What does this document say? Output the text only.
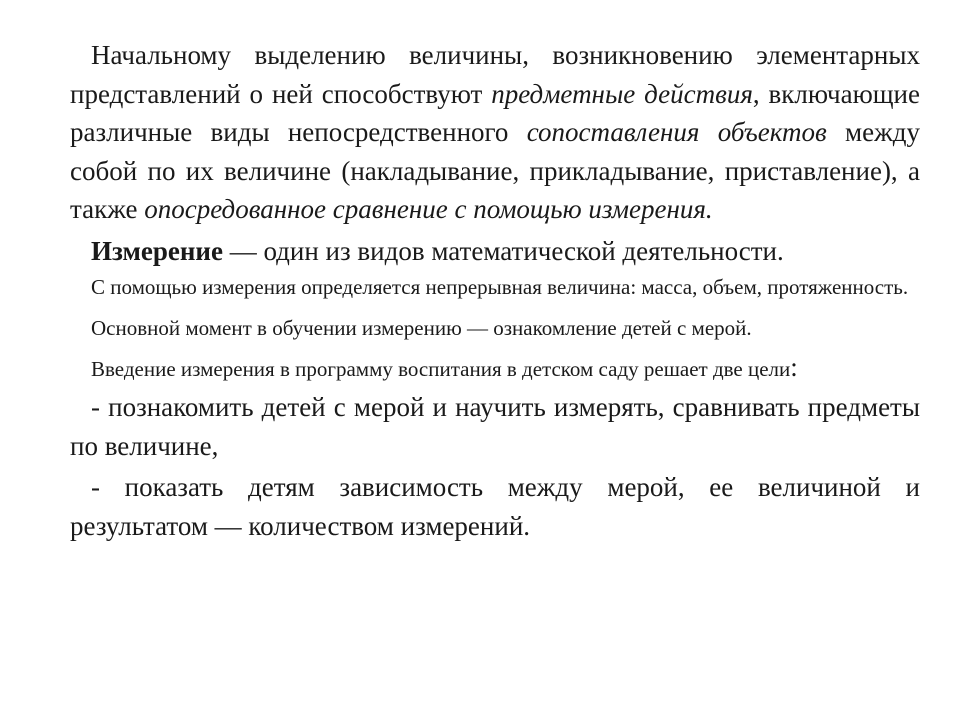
Начальному выделению величины, возникновению элементарных представлений о ней способствуют предметные действия, включающие различные виды непосредственного сопоставления объектов между собой по их величине (накладывание, прикладывание, приставление), а также опосредованное сравнение с помощью измерения.

Измерение — один из видов математической деятельности.

С помощью измерения определяется непрерывная величина: масса, объем, протяженность.

Основной момент в обучении измерению — ознакомление детей с мерой.

Введение измерения в программу воспитания в детском саду решает две цели:

- познакомить детей с мерой и научить измерять, сравнивать предметы по величине,

- показать детям зависимость между мерой, ее величиной и результатом — количеством измерений.
